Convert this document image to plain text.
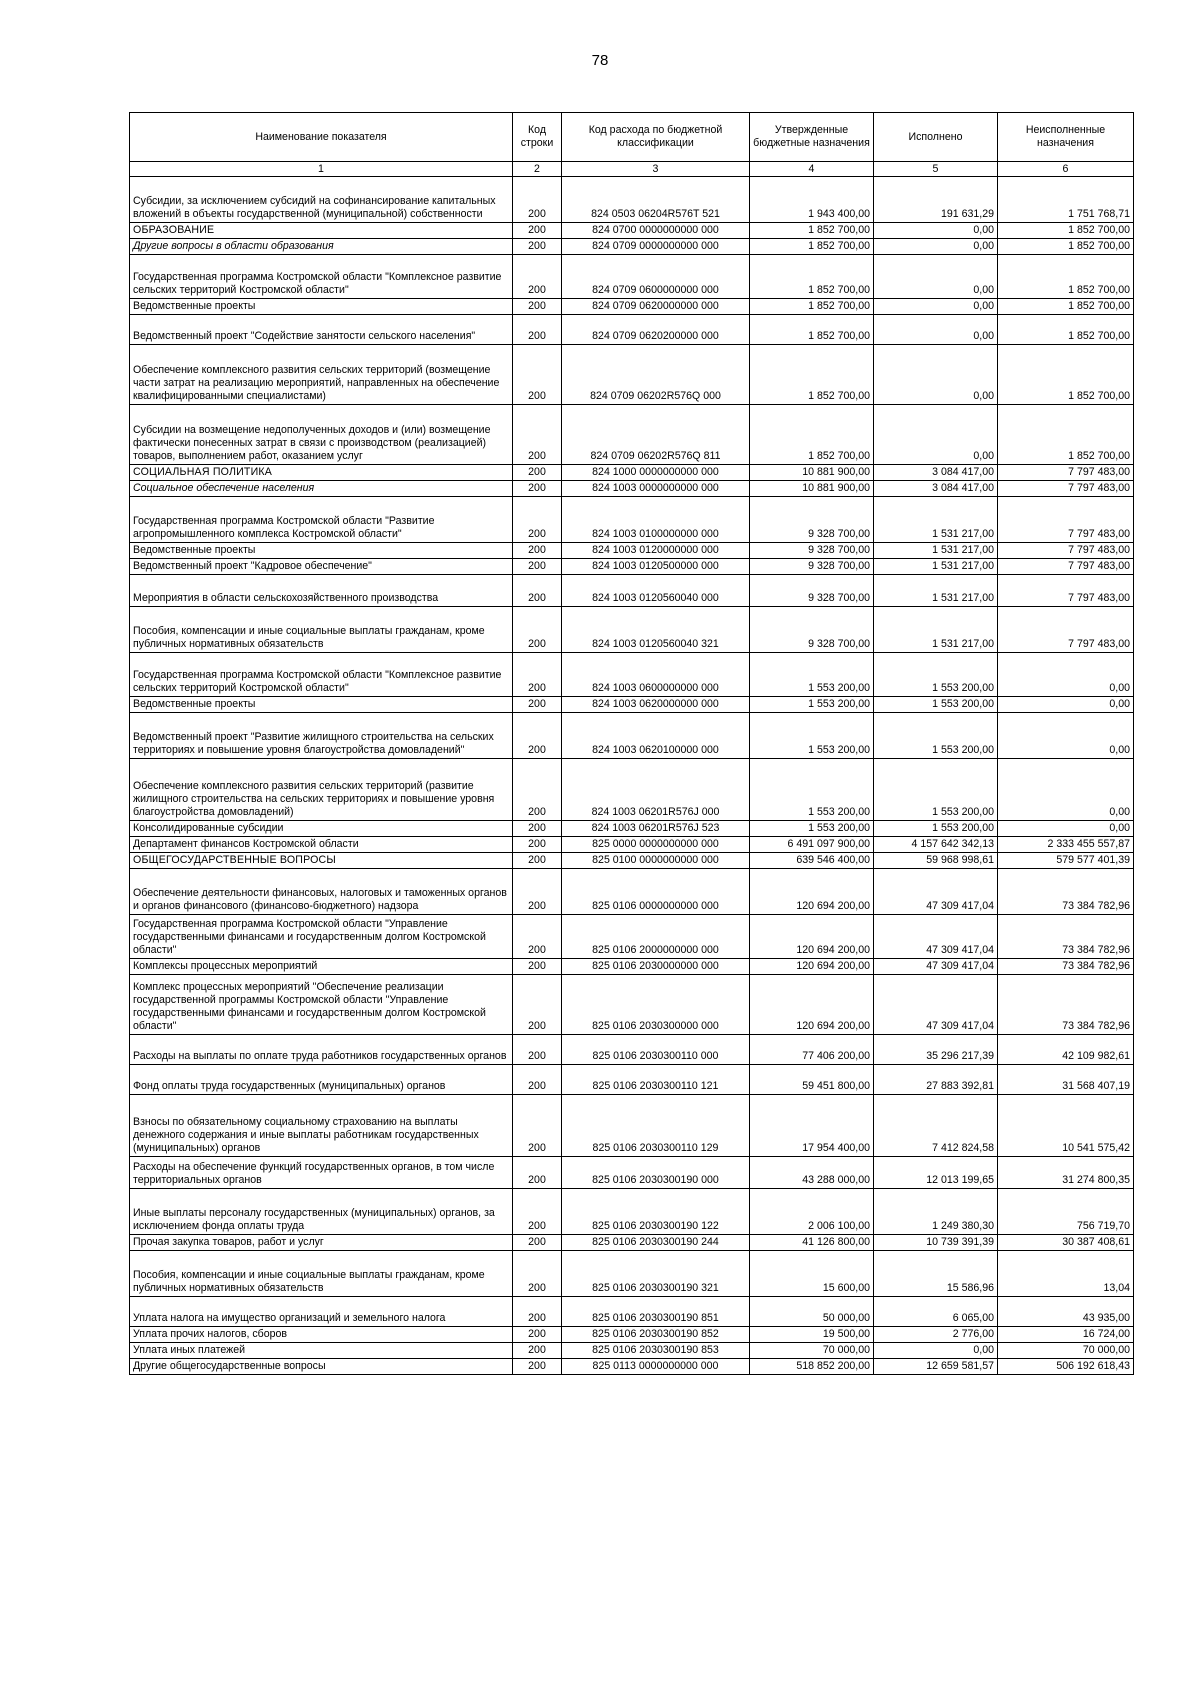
78
Наименование показателя	Код строки	Код расхода по бюджетной классификации	Утвержденные бюджетные назначения	Исполнено	Неисполненные назначения
1	2	3	4	5	6
Субсидии, за исключением субсидий на софинансирование капитальных вложений в объекты государственной (муниципальной) собственности	200	824 0503 06204R576T 521	1 943 400,00	191 631,29	1 751 768,71
ОБРАЗОВАНИЕ	200	824 0700 0000000000 000	1 852 700,00	0,00	1 852 700,00
Другие вопросы в области образования	200	824 0709 0000000000 000	1 852 700,00	0,00	1 852 700,00
Государственная программа Костромской области "Комплексное развитие сельских территорий Костромской области"	200	824 0709 0600000000 000	1 852 700,00	0,00	1 852 700,00
Ведомственные проекты	200	824 0709 0620000000 000	1 852 700,00	0,00	1 852 700,00
Ведомственный проект "Содействие занятости сельского населения"	200	824 0709 0620200000 000	1 852 700,00	0,00	1 852 700,00
Обеспечение комплексного развития сельских территорий (возмещение части затрат на реализацию мероприятий, направленных на обеспечение квалифицированными специалистами)	200	824 0709 06202R576Q 000	1 852 700,00	0,00	1 852 700,00
Субсидии на возмещение недополученных доходов и (или) возмещение фактически понесенных затрат в связи с производством (реализацией) товаров, выполнением работ, оказанием услуг	200	824 0709 06202R576Q 811	1 852 700,00	0,00	1 852 700,00
СОЦИАЛЬНАЯ ПОЛИТИКА	200	824 1000 0000000000 000	10 881 900,00	3 084 417,00	7 797 483,00
Социальное обеспечение населения	200	824 1003 0000000000 000	10 881 900,00	3 084 417,00	7 797 483,00
Государственная программа Костромской области "Развитие агропромышленного комплекса Костромской области"	200	824 1003 0100000000 000	9 328 700,00	1 531 217,00	7 797 483,00
Ведомственные проекты	200	824 1003 0120000000 000	9 328 700,00	1 531 217,00	7 797 483,00
Ведомственный проект "Кадровое обеспечение"	200	824 1003 0120500000 000	9 328 700,00	1 531 217,00	7 797 483,00
Мероприятия в области сельскохозяйственного производства	200	824 1003 0120560040 000	9 328 700,00	1 531 217,00	7 797 483,00
Пособия, компенсации и иные социальные выплаты гражданам, кроме публичных нормативных обязательств	200	824 1003 0120560040 321	9 328 700,00	1 531 217,00	7 797 483,00
Государственная программа Костромской области "Комплексное развитие сельских территорий Костромской области"	200	824 1003 0600000000 000	1 553 200,00	1 553 200,00	0,00
Ведомственные проекты	200	824 1003 0620000000 000	1 553 200,00	1 553 200,00	0,00
Ведомственный проект "Развитие жилищного строительства на сельских территориях и повышение уровня благоустройства домовладений"	200	824 1003 0620100000 000	1 553 200,00	1 553 200,00	0,00
Обеспечение комплексного развития сельских территорий (развитие жилищного строительства на сельских территориях и повышение уровня благоустройства домовладений)	200	824 1003 06201R576J 000	1 553 200,00	1 553 200,00	0,00
Консолидированные субсидии	200	824 1003 06201R576J 523	1 553 200,00	1 553 200,00	0,00
Департамент финансов Костромской области	200	825 0000 0000000000 000	6 491 097 900,00	4 157 642 342,13	2 333 455 557,87
ОБЩЕГОСУДАРСТВЕННЫЕ ВОПРОСЫ	200	825 0100 0000000000 000	639 546 400,00	59 968 998,61	579 577 401,39
Обеспечение деятельности финансовых, налоговых и таможенных органов и органов финансового (финансово-бюджетного) надзора	200	825 0106 0000000000 000	120 694 200,00	47 309 417,04	73 384 782,96
Государственная программа Костромской области "Управление государственными финансами и государственным долгом Костромской области"	200	825 0106 2000000000 000	120 694 200,00	47 309 417,04	73 384 782,96
Комплексы процессных мероприятий	200	825 0106 2030000000 000	120 694 200,00	47 309 417,04	73 384 782,96
Комплекс процессных мероприятий "Обеспечение реализации государственной программы Костромской области "Управление государственными финансами и государственным долгом Костромской области"	200	825 0106 2030300000 000	120 694 200,00	47 309 417,04	73 384 782,96
Расходы на выплаты по оплате труда работников государственных органов	200	825 0106 2030300110 000	77 406 200,00	35 296 217,39	42 109 982,61
Фонд оплаты труда государственных (муниципальных) органов	200	825 0106 2030300110 121	59 451 800,00	27 883 392,81	31 568 407,19
Взносы по обязательному социальному страхованию на выплаты денежного содержания и иные выплаты работникам государственных (муниципальных) органов	200	825 0106 2030300110 129	17 954 400,00	7 412 824,58	10 541 575,42
Расходы на обеспечение функций государственных органов, в том числе территориальных органов	200	825 0106 2030300190 000	43 288 000,00	12 013 199,65	31 274 800,35
Иные выплаты персоналу государственных (муниципальных) органов, за исключением фонда оплаты труда	200	825 0106 2030300190 122	2 006 100,00	1 249 380,30	756 719,70
Прочая закупка товаров, работ и услуг	200	825 0106 2030300190 244	41 126 800,00	10 739 391,39	30 387 408,61
Пособия, компенсации и иные социальные выплаты гражданам, кроме публичных нормативных обязательств	200	825 0106 2030300190 321	15 600,00	15 586,96	13,04
Уплата налога на имущество организаций и земельного налога	200	825 0106 2030300190 851	50 000,00	6 065,00	43 935,00
Уплата прочих налогов, сборов	200	825 0106 2030300190 852	19 500,00	2 776,00	16 724,00
Уплата иных платежей	200	825 0106 2030300190 853	70 000,00	0,00	70 000,00
Другие общегосударственные вопросы	200	825 0113 0000000000 000	518 852 200,00	12 659 581,57	506 192 618,43
